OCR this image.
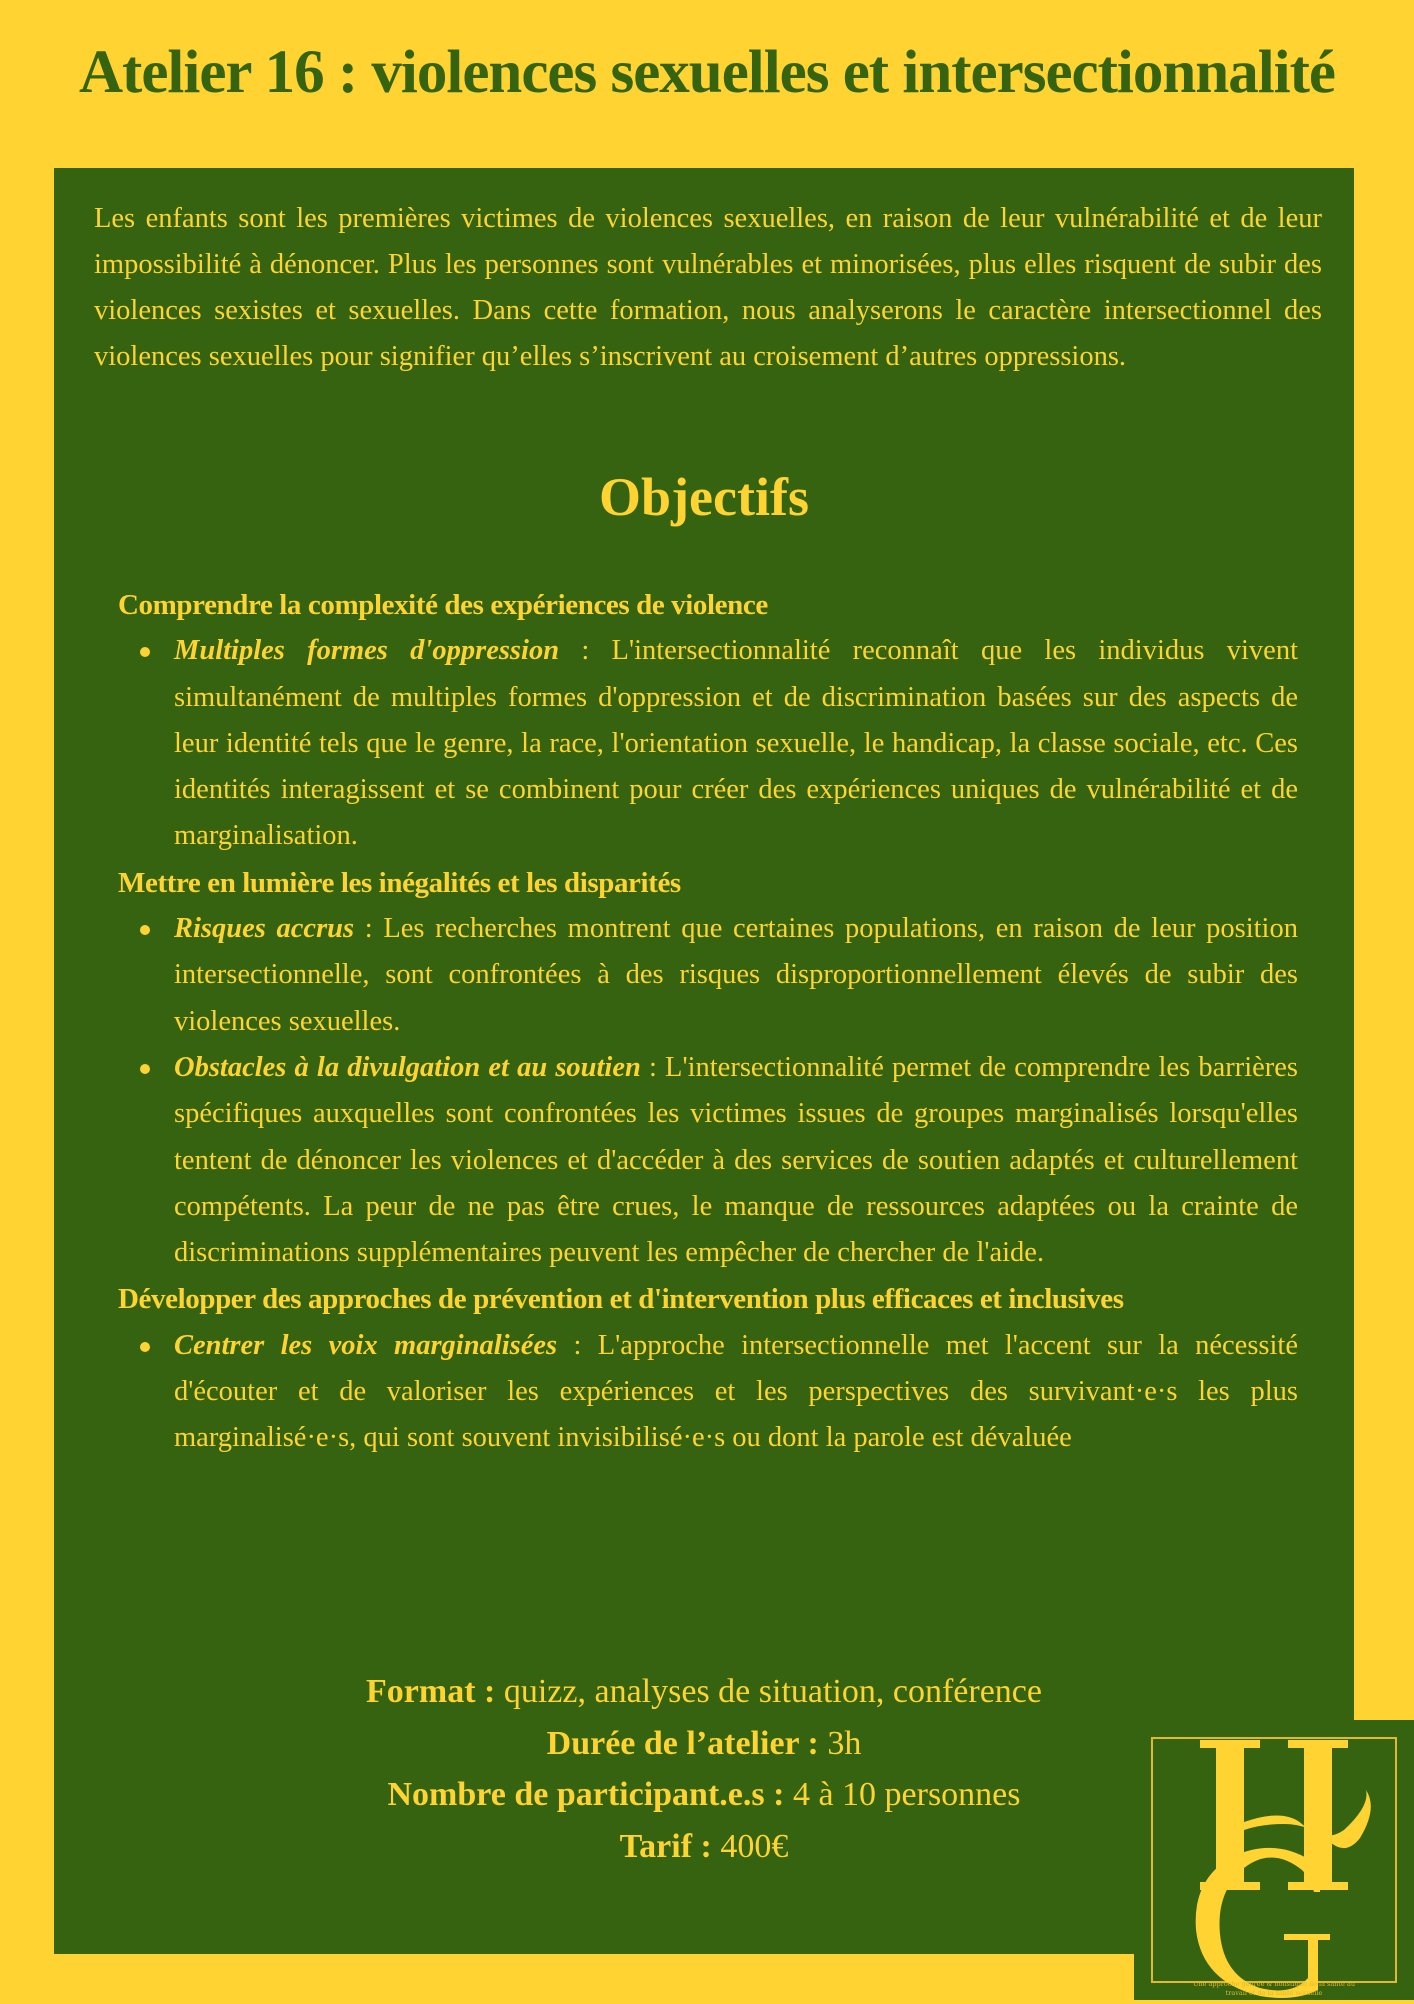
Atelier 16 : violences sexuelles et intersectionnalité

Les enfants sont les premières victimes de violences sexuelles, en raison de leur vulnérabilité et de leur impossibilité à dénoncer. Plus les personnes sont vulnérables et minorisées, plus elles risquent de subir des violences sexistes et sexuelles. Dans cette formation, nous analyserons le caractère intersectionnel des violences sexuelles pour signifier qu’elles s’inscrivent au croisement d’autres oppressions.

Objectifs

Comprendre la complexité des expériences de violence

Multiples formes d'oppression : L'intersectionnalité reconnaît que les individus vivent simultanément de multiples formes d'oppression et de discrimination basées sur des aspects de leur identité tels que le genre, la race, l'orientation sexuelle, le handicap, la classe sociale, etc. Ces identités interagissent et se combinent pour créer des expériences uniques de vulnérabilité et de marginalisation.

Mettre en lumière les inégalités et les disparités

Risques accrus : Les recherches montrent que certaines populations, en raison de leur position intersectionnelle, sont confrontées à des risques disproportionnellement élevés de subir des violences sexuelles.
Obstacles à la divulgation et au soutien : L'intersectionnalité permet de comprendre les barrières spécifiques auxquelles sont confrontées les victimes issues de groupes marginalisés lorsqu'elles tentent de dénoncer les violences et d'accéder à des services de soutien adaptés et culturellement compétents. La peur de ne pas être crues, le manque de ressources adaptées ou la crainte de discriminations supplémentaires peuvent les empêcher de chercher de l'aide.

Développer des approches de prévention et d'intervention plus efficaces et inclusives

Centrer les voix marginalisées : L'approche intersectionnelle met l'accent sur la nécessité d'écouter et de valoriser les expériences et les perspectives des survivant·e·s les plus marginalisé·e·s, qui sont souvent invisibilisé·e·s ou dont la parole est dévaluée
Format : quizz, analyses de situation, conférence
Durée de l’atelier : 3h
Nombre de participant.e.s : 4 à 10 personnes
Tarif : 400€
G
E
N
I
S
T
I
C
H
E
A
L
T
H
Une approche genrée & holistique de la santé au
travail et de la santé sexuelle
